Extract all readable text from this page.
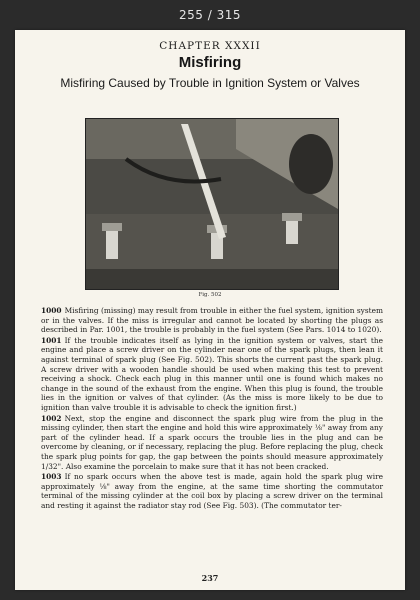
255 / 315
CHAPTER XXXII
Misfiring
Misfiring Caused by Trouble in Ignition System or Valves
Fig. 502

1000 Misfiring (missing) may result from trouble in either the fuel system, ignition system or in the valves. If the miss is irregular and cannot be located by shorting the plugs as described in Par. 1001, the trouble is probably in the fuel system (See Pars. 1014 to 1020).

1001 If the trouble indicates itself as lying in the ignition system or valves, start the engine and place a screw driver on the cylinder near one of the spark plugs, then lean it against terminal of spark plug (See Fig. 502). This shorts the current past the spark plug. A screw driver with a wooden handle should be used when making this test to prevent receiving a shock. Check each plug in this manner until one is found which makes no change in the sound of the exhaust from the engine. When this plug is found, the trouble lies in the ignition or valves of that cylinder. (As the miss is more likely to be due to ignition than valve trouble it is advisable to check the ignition first.)

1002 Next, stop the engine and disconnect the spark plug wire from the plug in the missing cylinder, then start the engine and hold this wire approximately ⅛" away from any part of the cylinder head. If a spark occurs the trouble lies in the plug and can be overcome by cleaning, or if necessary, replacing the plug. Before replacing the plug, check the spark plug points for gap, the gap between the points should measure approximately 1/32". Also examine the porcelain to make sure that it has not been cracked.

1003 If no spark occurs when the above test is made, again hold the spark plug wire approximately ⅛" away from the engine, at the same time shorting the commutator terminal of the missing cylinder at the coil box by placing a screw driver on the terminal and resting it against the radiator stay rod (See Fig. 503). (The commutator ter-

237
